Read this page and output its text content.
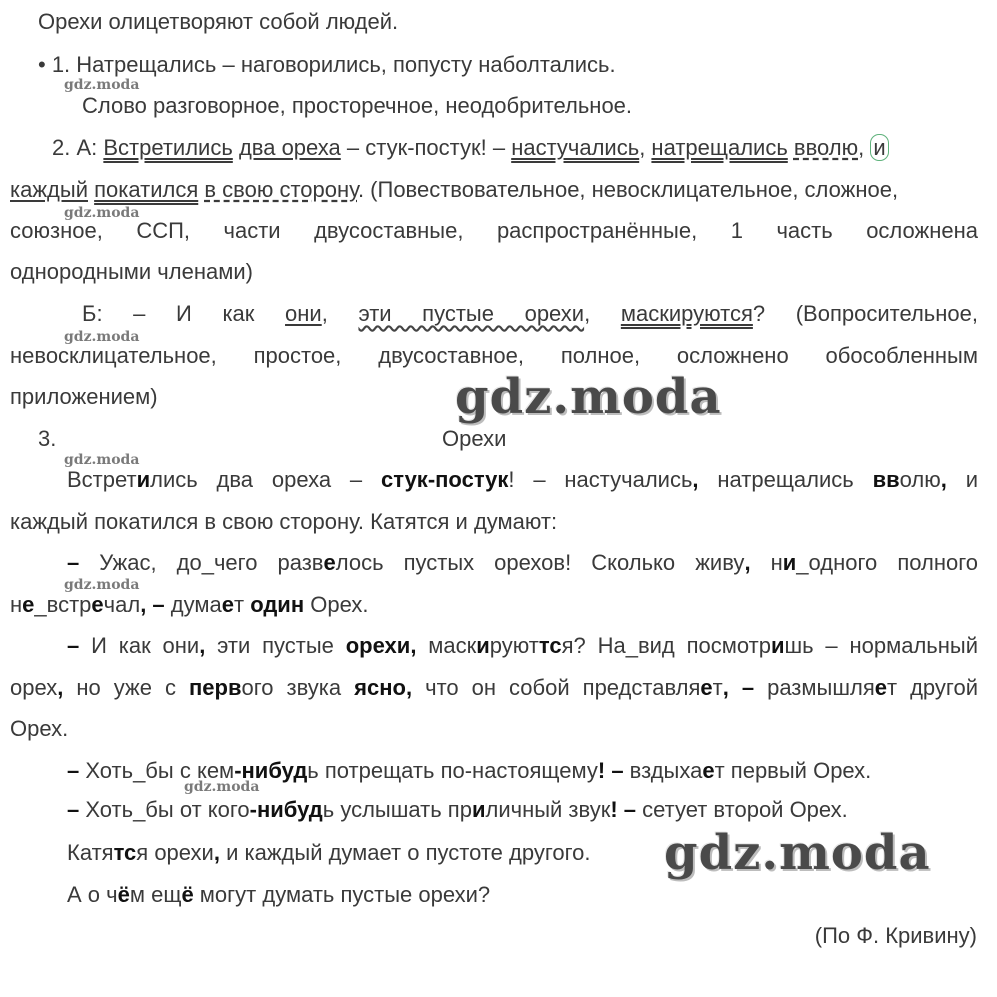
Орехи олицетворяют собой людей.
• 1. Натрещались – наговорились, попусту наболтались.
Слово разговорное, просторечное, неодобрительное.
2. А: Встретились два ореха – стук-постук! – настучались, натрещались вволю, и
каждый покатился в свою сторону. (Повествовательное, невосклицательное, сложное,
союзное, ССП, части двусоставные, распространённые, 1 часть осложнена
однородными членами)
Б: – И как они, эти пустые орехи, маскируются? (Вопросительное,
невосклицательное, простое, двусоставное, полное, осложнено обособленным
приложением)
3.	Орехи
Встретились два ореха – стук-постук! – настучались, натрещались вволю, и
каждый покатился в свою сторону. Катятся и думают:
– Ужас, до_чего развелось пустых орехов! Сколько живу, ни_одного полного
не_встречал, – думает один Орех.
– И как они, эти пустые орехи, маскируюттся? На_вид посмотришь – нормальный
орех, но уже с первого звука ясно, что он собой представляет, – размышляет другой
Орех.
– Хоть_бы с кем-нибудь потрещать по-настоящему! – вздыхает первый Орех.
– Хоть_бы от кого-нибудь услышать приличный звук! – сетует второй Орех.
Катятся орехи, и каждый думает о пустоте другого.
А о чём ещё могут думать пустые орехи?
(По Ф. Кривину)
gdz.moda
gdz.moda
gdz.moda
gdz.moda
gdz.moda
gdz.moda
gdz.moda
gdz.moda
